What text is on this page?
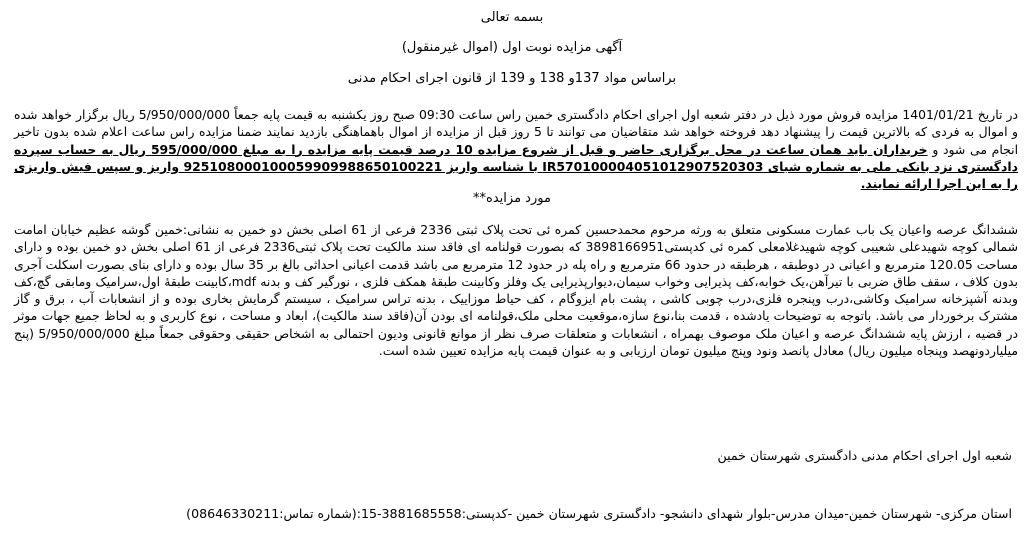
بسمه تعالی
آگهی مزایده نوبت اول (اموال غیرمنقول)
براساس مواد 137و 138 و 139 از قانون اجرای احکام مدنی

در تاریخ 1401/01/21 مزایده فروش مورد ذیل در دفتر شعبه اول اجرای احکام دادگستری خمین راس ساعت 09:30 صبح روز یکشنبه به قیمت پایه جمعاً 5/950/000/000 ریال برگزار خواهد شده و اموال به فردی که بالاترین قیمت را پیشنهاد دهد فروخته خواهد شد متقاضیان می توانند تا 5 روز قبل از مزایده از اموال باهماهنگی بازدید نمایند ضمنا مزایده راس ساعت اعلام شده بدون تاخیر انجام می شود و خریداران باید همان ساعت در محل برگزاری حاضر و قبل از شروع مزایده 10 درصد قیمت پایه مزایده را به مبلغ 595/000/000 ریال به حساب سپرده دادگستری نزد بانکی ملی به شماره شبای IR570100004051012907520303 با شناسه واریز 925108000100059909988650100221 واریز و سپس فیش واریزی را به این اجرا ارائه نمایند.

مورد مزایده**

ششدانگ عرصه واعیان یک باب عمارت مسکونی متعلق به ورثه مرحوم محمدحسین کمره ئی تحت پلاک ثبتی 2336 فرعی از 61 اصلی بخش دو خمین به نشانی:خمین گوشه عظیم خیابان امامت شمالی کوچه شهیدعلی شعیبی کوچه شهیدغلامعلی کمره ئی کدپستی3898166951 که بصورت قولنامه ای فاقد سند مالکیت تحت پلاک ثبتی2336 فرعی از 61 اصلی بخش دو خمین بوده و دارای مساحت 120.05 مترمربع و اعیانی در دوطبقه ، هرطبقه در حدود 66 مترمربع و راه پله در حدود 12 مترمربع می باشد قدمت اعیانی احداثی بالغ بر 35 سال بوده و دارای بنای بصورت اسکلت آجری بدون کلاف ، سقف طاق ضربی با تیرآهن،یک خوابه،کف پذیرایی وخواب سیمان،دیوارپذیرایی یک وفلز وکابینت طبقهٔ همکف فلزی ، نورگیر کف و بدنه mdf،کابینت طبقهٔ اول،سرامیک ومابقی گچ،کف وبدنه آشپزخانه سرامیک وکاشی،درب وپنجره فلزی،درب چوبی کاشی ، پشت بام ایزوگام ، کف حیاط موزاییک ، بدنه تراس سرامیک ، سیستم گرمایش بخاری بوده و از انشعابات آب ، برق و گاز مشترک برخوردار می باشد. باتوجه به توضیحات یادشده ، قدمت بنا،نوع سازه،موقعیت محلی ملک،قولنامه ای بودن آن(فاقد سند مالکیت)، ابعاد و مساحت ، نوع کاربری و به لحاظ جمیع جهات موثر در قضیه ، ارزش پایه ششدانگ عرصه و اعیان ملک موصوف بهمراه ، انشعابات و متعلقات صرف نظر از موانع قانونی ودیون احتمالی به اشخاص حقیقی وحقوقی جمعاً مبلغ 5/950/000/000 (پنج میلیاردونهصد وپنجاه میلیون ریال) معادل پانصد ونود وپنج میلیون تومان ارزیابی و به عنوان قیمت پایه مزایده تعیین شده است.

شعبه اول اجرای احکام مدنی دادگستری شهرستان خمین
استان مرکزی- شهرستان خمین-میدان مدرس-بلوار شهدای دانشجو- دادگستری شهرستان خمین -کدپستی:3881685558-15:(شماره تماس:08646330211)
